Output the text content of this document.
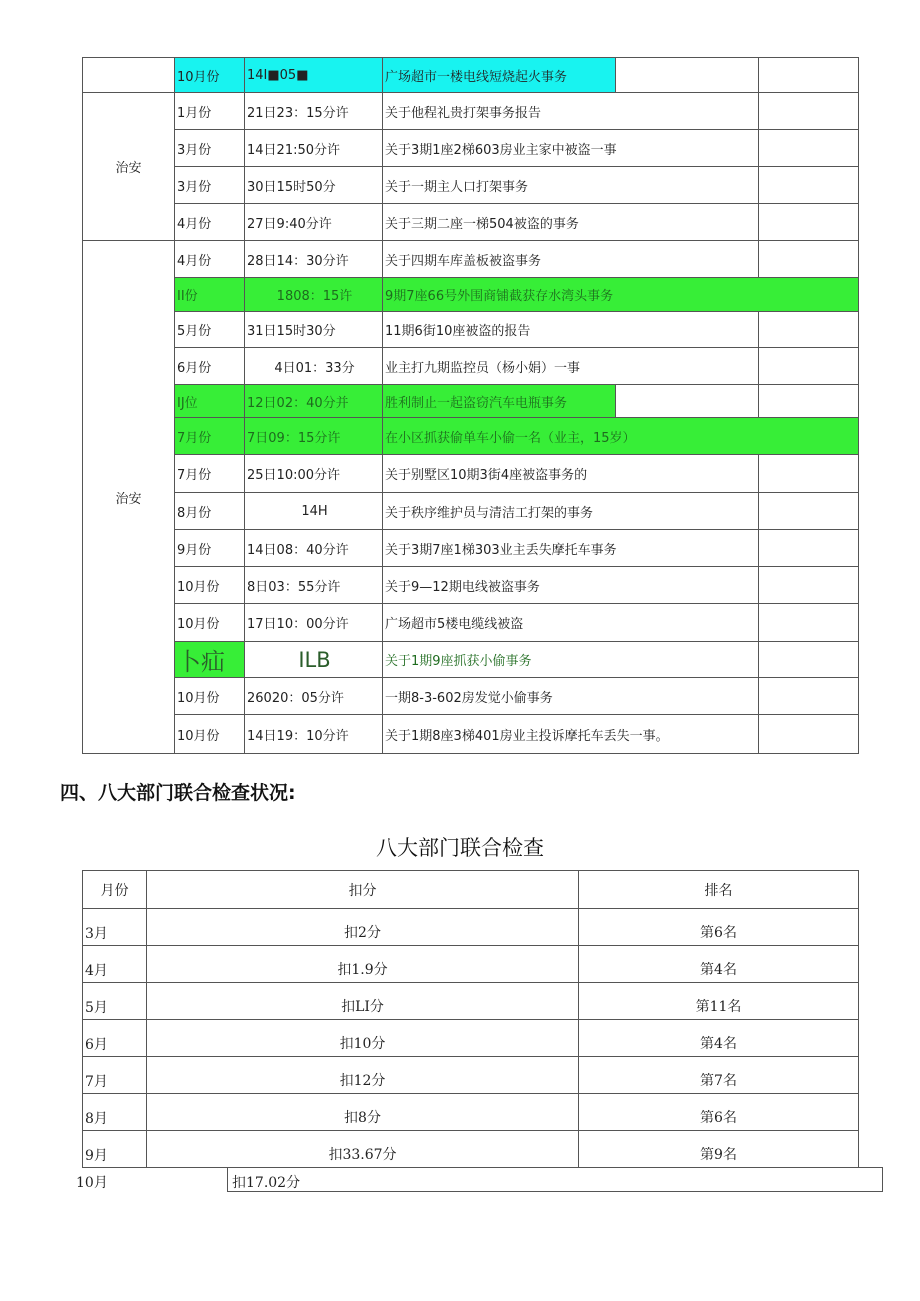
	10月份	14I■05■	广场超市一楼电线短烧起火事务		
治安	1月份	21日23：15分许	关于他程礼贵打架事务报告		
	3月份	14日21:50分许	关于3期1座2梯603房业主家中被盗一事		
	3月份	30日15时50分	关于一期主人口打架事务		
	4月份	27日9:40分许	关于三期二座一梯504被盗的事务		
治安	4月份	28日14：30分许	关于四期车库盖板被盗事务		
	II份	1808：15许	9期7座66号外围商铺截获存水湾头事务		
	5月份	31日15时30分	11期6街10座被盗的报告		
	6月份	4日01：33分	业主打九期监控员（杨小娟）一事		
	IJ位	12日02：40分并	胜利制止一起盗窃汽车电瓶事务		
	7月份	7日09：15分许	在小区抓获偷单车小偷一名（业主，15岁）		
	7月份	25日10:00分许	关于别墅区10期3街4座被盗事务的		
	8月份	14H	关于秩序维护员与清洁工打架的事务		
	9月份	14日08：40分许	关于3期7座1梯303业主丢失摩托车事务		
	10月份	8日03：55分许	关于9—12期电线被盗事务		
	10月份	17日10：00分许	广场超市5楼电缆线被盗		
	卜疝	ILB	关于1期9座抓获小偷事务		
	10月份	26020：05分许	一期8-3-602房发觉小偷事务		
	10月份	14日19：10分许	关于1期8座3梯401房业主投诉摩托车丢失一事。		
四、八大部门联合检查状况:
八大部门联合检查
月份	扣分	排名
3月	扣2分	第6名
4月	扣1.9分	第4名
5月	扣LI分	第11名
6月	扣10分	第4名
7月	扣12分	第7名
8月	扣8分	第6名
9月	扣33.67分	第9名
10月	扣17.02分
